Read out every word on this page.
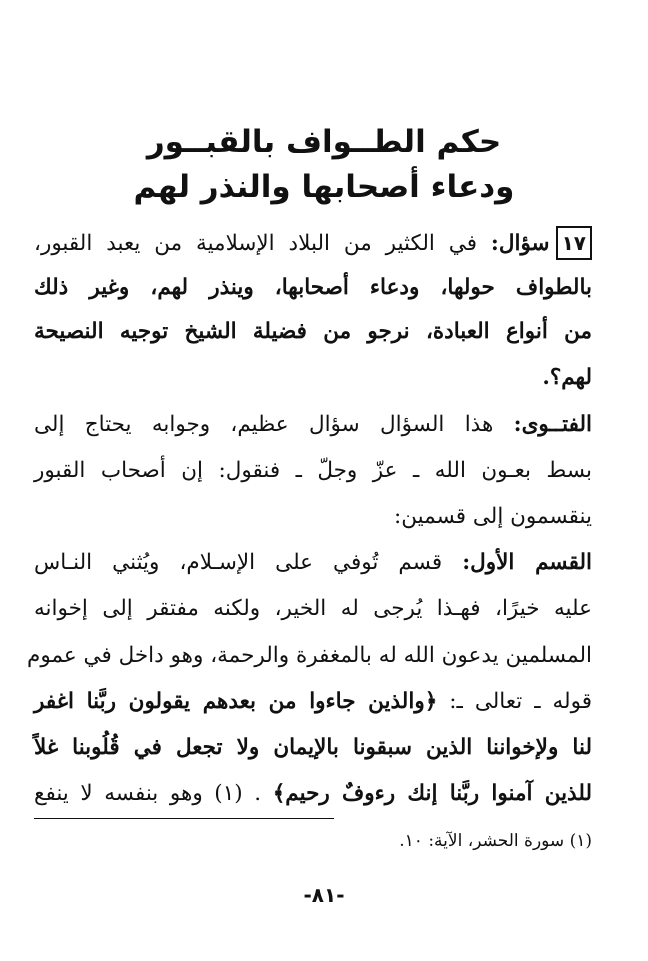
حكم الطــواف بالقبــور
ودعاء أصحابها والنذر لهم
١٧سؤال: في الكثير من البلاد الإسلامية من يعبد القبور،
بالطواف حولها، ودعاء أصحابها، وينذر لهم، وغير ذلك
من أنواع العبادة، نرجو من فضيلة الشيخ توجيه النصيحة
لهم؟.
الفتــوى: هذا السؤال سؤال عظيم، وجوابه يحتاج إلى
بسط بعـون الله ـ عزّ وجلّ ـ فنقول: إن أصحاب القبور
ينقسمون إلى قسمين:
القسم الأول: قسم تُوفي على الإسـلام، ويُثني النـاس
عليه خيرًا، فهـذا يُرجى له الخير، ولكنه مفتقر إلى إخوانه
المسلمين يدعون الله له بالمغفرة والرحمة، وهو داخل في عموم
قوله ـ تعالى ـ: ﴿والذين جاءوا من بعدهم يقولون ربَّنا اغفر
لنا ولإخواننا الذين سبقونا بالإيمان ولا تجعل في قُلُوبنا غلاً
للذين آمنوا ربَّنا إنك رءوفٌ رحيم﴾ . (١) وهو بنفسه لا ينفع
(١) سورة الحشر، الآية: ١٠.
-٨١-
